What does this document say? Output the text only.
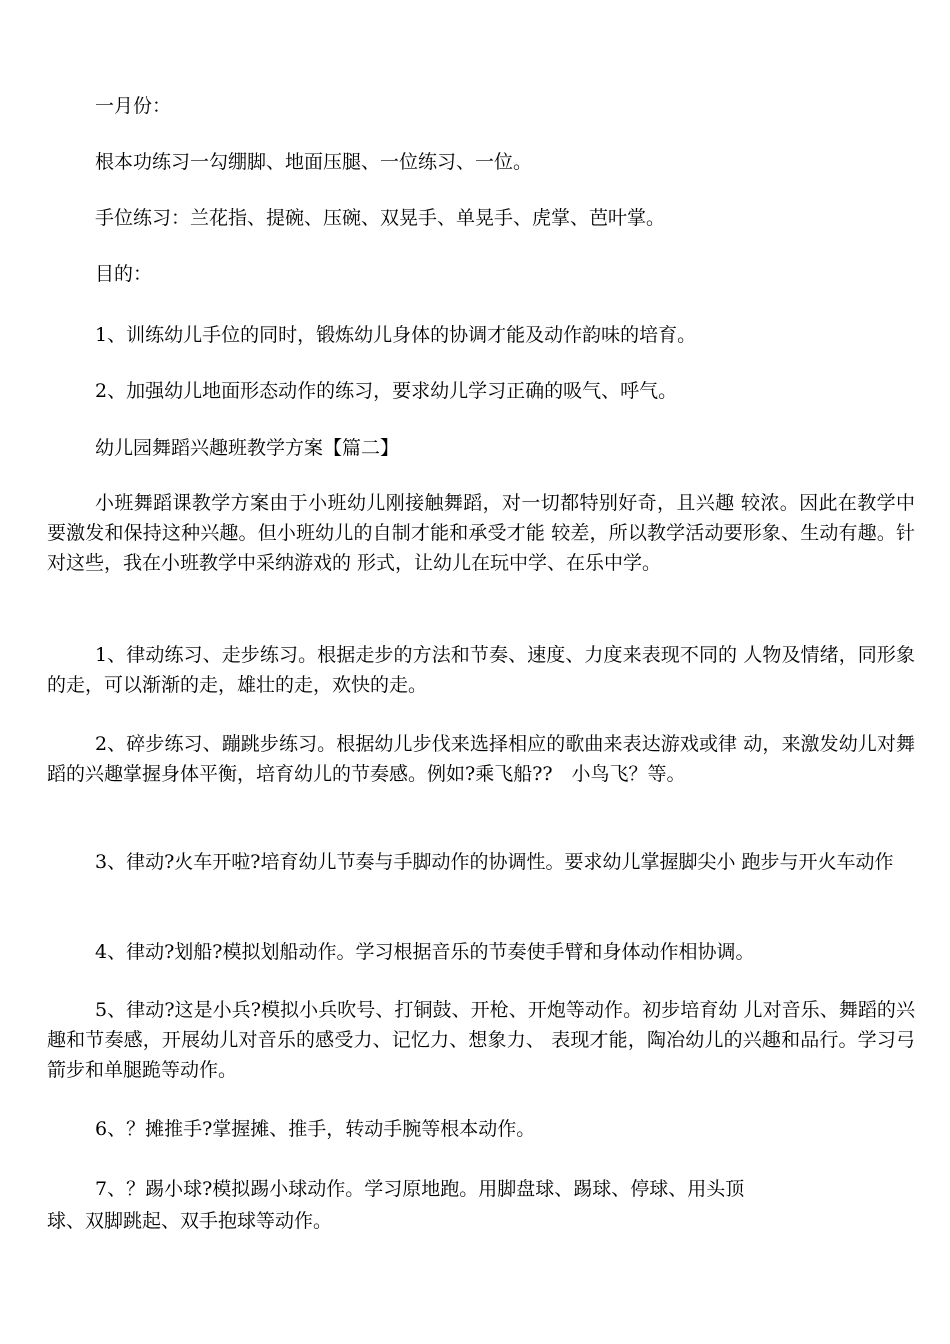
一月份：

根本功练习一勾绷脚、地面压腿、一位练习、一位。

手位练习：兰花指、提碗、压碗、双晃手、单晃手、虎掌、芭叶掌。

目的：

1、训练幼儿手位的同时，锻炼幼儿身体的协调才能及动作韵味的培育。

2、加强幼儿地面形态动作的练习，要求幼儿学习正确的吸气、呼气。

幼儿园舞蹈兴趣班教学方案【篇二】

小班舞蹈课教学方案由于小班幼儿刚接触舞蹈，对一切都特别好奇，且兴趣 较浓。因此在教学中要激发和保持这种兴趣。但小班幼儿的自制才能和承受才能 较差，所以教学活动要形象、生动有趣。针对这些，我在小班教学中采纳游戏的 形式，让幼儿在玩中学、在乐中学。

1、律动练习、走步练习。根据走步的方法和节奏、速度、力度来表现不同的 人物及情绪，同形象的走，可以渐渐的走，雄壮的走，欢快的走。

2、碎步练习、蹦跳步练习。根据幼儿步伐来选择相应的歌曲来表达游戏或律 动，来激发幼儿对舞蹈的兴趣掌握身体平衡，培育幼儿的节奏感。例如?乘飞船??　小鸟飞？等。

3、律动?火车开啦?培育幼儿节奏与手脚动作的协调性。要求幼儿掌握脚尖小 跑步与开火车动作

4、律动?划船?模拟划船动作。学习根据音乐的节奏使手臂和身体动作相协调。

5、律动?这是小兵?模拟小兵吹号、打铜鼓、开枪、开炮等动作。初步培育幼 儿对音乐、舞蹈的兴趣和节奏感，开展幼儿对音乐的感受力、记忆力、想象力、 表现才能，陶冶幼儿的兴趣和品行。学习弓箭步和单腿跪等动作。

6、？摊推手?掌握摊、推手，转动手腕等根本动作。

7、？踢小球?模拟踢小球动作。学习原地跑。用脚盘球、踢球、停球、用头顶

球、双脚跳起、双手抱球等动作。
